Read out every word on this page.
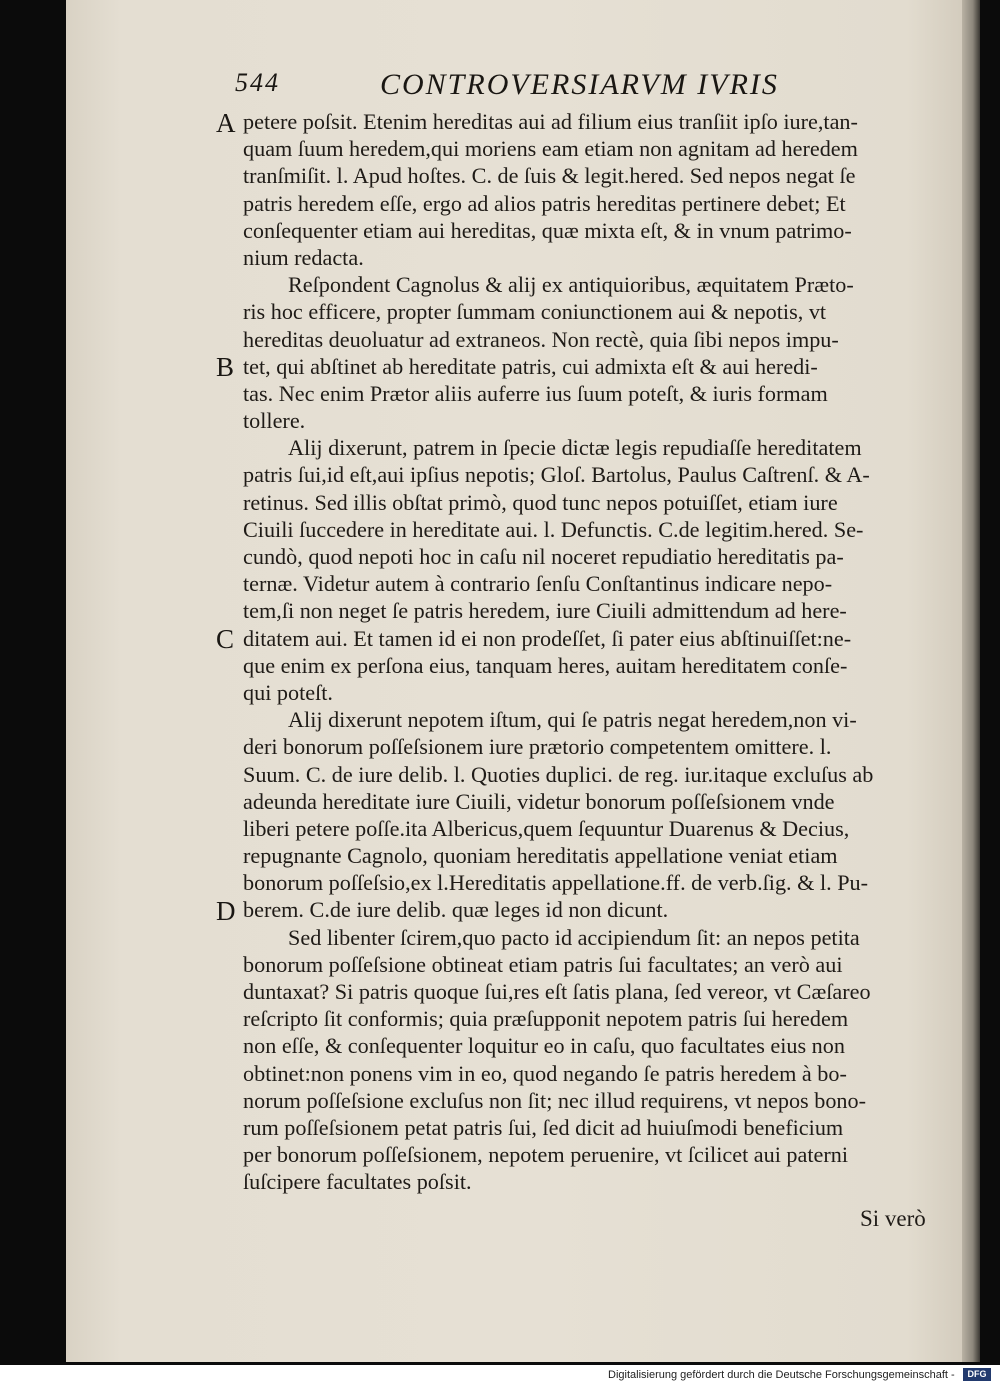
544	CONTROVERSIARVM IVRIS
A
B
C
D
petere poſsit. Etenim hereditas aui ad filium eius tranſiit ipſo iure,tan-
quam ſuum heredem,qui moriens eam etiam non agnitam ad heredem
tranſmiſit. l. Apud hoſtes. C. de ſuis & legit.hered. Sed nepos negat ſe
patris heredem eſſe, ergo ad alios patris hereditas pertinere debet; Et
conſequenter etiam aui hereditas, quæ mixta eſt, & in vnum patrimo-
nium redacta.
Reſpondent Cagnolus & alij ex antiquioribus, æquitatem Præto-
ris hoc efficere, propter ſummam coniunctionem aui & nepotis, vt
hereditas deuoluatur ad extraneos. Non rectè, quia ſibi nepos impu-
tet, qui abſtinet ab hereditate patris, cui admixta eſt & aui heredi-
tas. Nec enim Prætor aliis auferre ius ſuum poteſt, & iuris formam
tollere.
Alij dixerunt, patrem in ſpecie dictæ legis repudiaſſe hereditatem
patris ſui,id eſt,aui ipſius nepotis; Gloſ. Bartolus, Paulus Caſtrenſ. & A-
retinus. Sed illis obſtat primò, quod tunc nepos potuiſſet, etiam iure
Ciuili ſuccedere in hereditate aui. l. Defunctis. C.de legitim.hered. Se-
cundò, quod nepoti hoc in caſu nil noceret repudiatio hereditatis pa-
ternæ. Videtur autem à contrario ſenſu Conſtantinus indicare nepo-
tem,ſi non neget ſe patris heredem, iure Ciuili admittendum ad here-
ditatem aui. Et tamen id ei non prodeſſet, ſi pater eius abſtinuiſſet:ne-
que enim ex perſona eius, tanquam heres, auitam hereditatem conſe-
qui poteſt.
Alij dixerunt nepotem iſtum, qui ſe patris negat heredem,non vi-
deri bonorum poſſeſsionem iure prætorio competentem omittere. l.
Suum. C. de iure delib. l. Quoties duplici. de reg. iur.itaque excluſus ab
adeunda hereditate iure Ciuili, videtur bonorum poſſeſsionem vnde
liberi petere poſſe.ita Albericus,quem ſequuntur Duarenus & Decius,
repugnante Cagnolo, quoniam hereditatis appellatione veniat etiam
bonorum poſſeſsio,ex l.Hereditatis appellatione.ff. de verb.ſig. & l. Pu-
berem. C.de iure delib. quæ leges id non dicunt.
Sed libenter ſcirem,quo pacto id accipiendum ſit: an nepos petita
bonorum poſſeſsione obtineat etiam patris ſui facultates; an verò aui
duntaxat? Si patris quoque ſui,res eſt ſatis plana, ſed vereor, vt Cæſareo
reſcripto ſit conformis; quia præſupponit nepotem patris ſui heredem
non eſſe, & conſequenter loquitur eo in caſu, quo facultates eius non
obtinet:non ponens vim in eo, quod negando ſe patris heredem à bo-
norum poſſeſsione excluſus non ſit; nec illud requirens, vt nepos bono-
rum poſſeſsionem petat patris ſui, ſed dicit ad huiuſmodi beneficium
per bonorum poſſeſsionem, nepotem peruenire, vt ſcilicet aui paterni
ſuſcipere facultates poſsit.
Si verò
Digitalisierung gefördert durch die Deutsche Forschungsgemeinschaft -	DFG
